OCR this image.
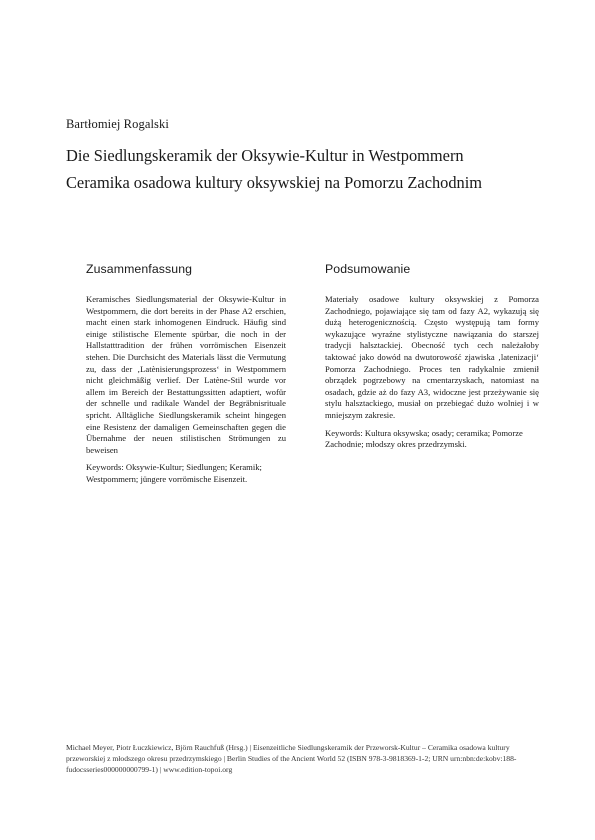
Bartłomiej Rogalski
Die Siedlungskeramik der Oksywie-Kultur in Westpommern
Ceramika osadowa kultury oksywskiej na Pomorzu Zachodnim
Zusammenfassung

Keramisches Siedlungsmaterial der Oksywie-Kultur in Westpommern, die dort bereits in der Phase A2 erschien, macht einen stark inhomogenen Eindruck. Häufig sind einige stilistische Elemente spürbar, die noch in der Hallstatttradition der frühen vorrömischen Eisenzeit stehen. Die Durchsicht des Materials lässt die Vermutung zu, dass der ‚Latènisierungsprozess‘ in Westpommern nicht gleichmäßig verlief. Der Latène-Stil wurde vor allem im Bereich der Bestattungssitten adaptiert, wofür der schnelle und radikale Wandel der Begräbnisrituale spricht. Alltägliche Siedlungskeramik scheint hingegen eine Resistenz der damaligen Gemeinschaften gegen die Übernahme der neuen stilistischen Strömungen zu beweisen

Keywords: Oksywie-Kultur; Siedlungen; Keramik; Westpommern; jüngere vorrömische Eisenzeit.

Podsumowanie

Materiały osadowe kultury oksywskiej z Pomorza Zachodniego, pojawiające się tam od fazy A2, wykazują się dużą heterogenicznością. Często występują tam formy wykazujące wyraźne stylistyczne nawiązania do starszej tradycji halsztackiej. Obecność tych cech należałoby taktować jako dowód na dwutorowość zjawiska ‚latenizacji‘ Pomorza Zachodniego. Proces ten radykalnie zmienił obrządek pogrzebowy na cmentarzyskach, natomiast na osadach, gdzie aż do fazy A3, widoczne jest przeżywanie się stylu halsztackiego, musiał on przebiegać dużo wolniej i w mniejszym zakresie.

Keywords: Kultura oksywska; osady; ceramika; Pomorze Zachodnie; młodszy okres przedrzymski.

Michael Meyer, Piotr Łuczkiewicz, Björn Rauchfuß (Hrsg.) | Eisenzeitliche Siedlungskeramik der Przeworsk-Kultur – Ceramika osadowa kultury przeworskiej z młodszego okresu przedrzymskiego | Berlin Studies of the Ancient World 52 (ISBN 978-3-9818369-1-2; URN urn:nbn:de:kobv:188-fudocsseries000000000799-1) | www.edition-topoi.org
